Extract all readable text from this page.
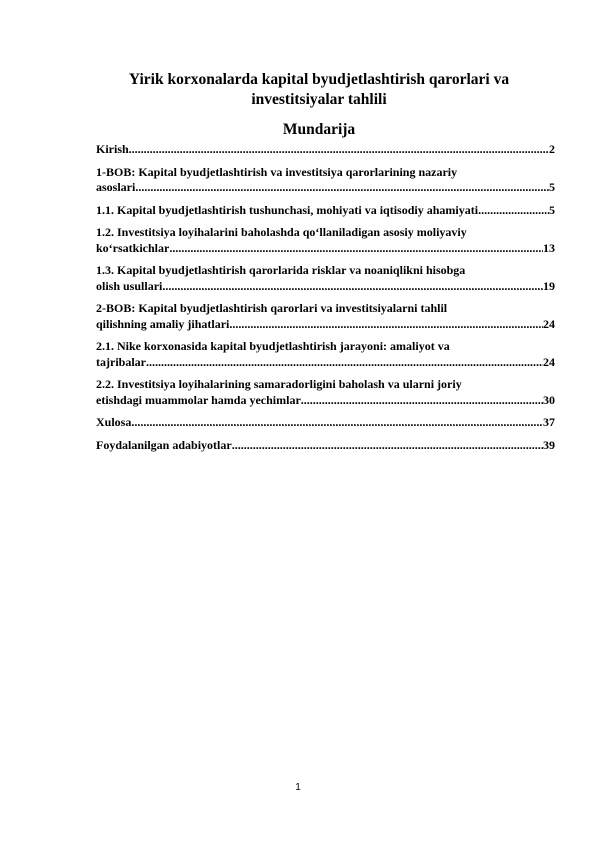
Yirik korxonalarda kapital byudjetlashtirish qarorlari va investitsiyalar tahlili
Mundarija
Kirish .....	2
1-BOB: Kapital byudjetlashtirish va investitsiya qarorlarining nazariy
asoslari .....	5
1.1. Kapital byudjetlashtirish tushunchasi, mohiyati va iqtisodiy ahamiyati .....	5
1.2. Investitsiya loyihalarini baholashda qo‘llaniladigan asosiy moliyaviy
ko‘rsatkichlar .....	13
1.3. Kapital byudjetlashtirish qarorlarida risklar va noaniqlikni hisobga
olish usullari .....	19
2-BOB: Kapital byudjetlashtirish qarorlari va investitsiyalarni tahlil
qilishning amaliy jihatlari .....	24
2.1. Nike korxonasida kapital byudjetlashtirish jarayoni: amaliyot va
tajribalar .....	24
2.2. Investitsiya loyihalarining samaradorligini baholash va ularni joriy
etishdagi muammolar hamda yechimlar .....	30
Xulosa .....	37
Foydalanilgan adabiyotlar .....	39
1
